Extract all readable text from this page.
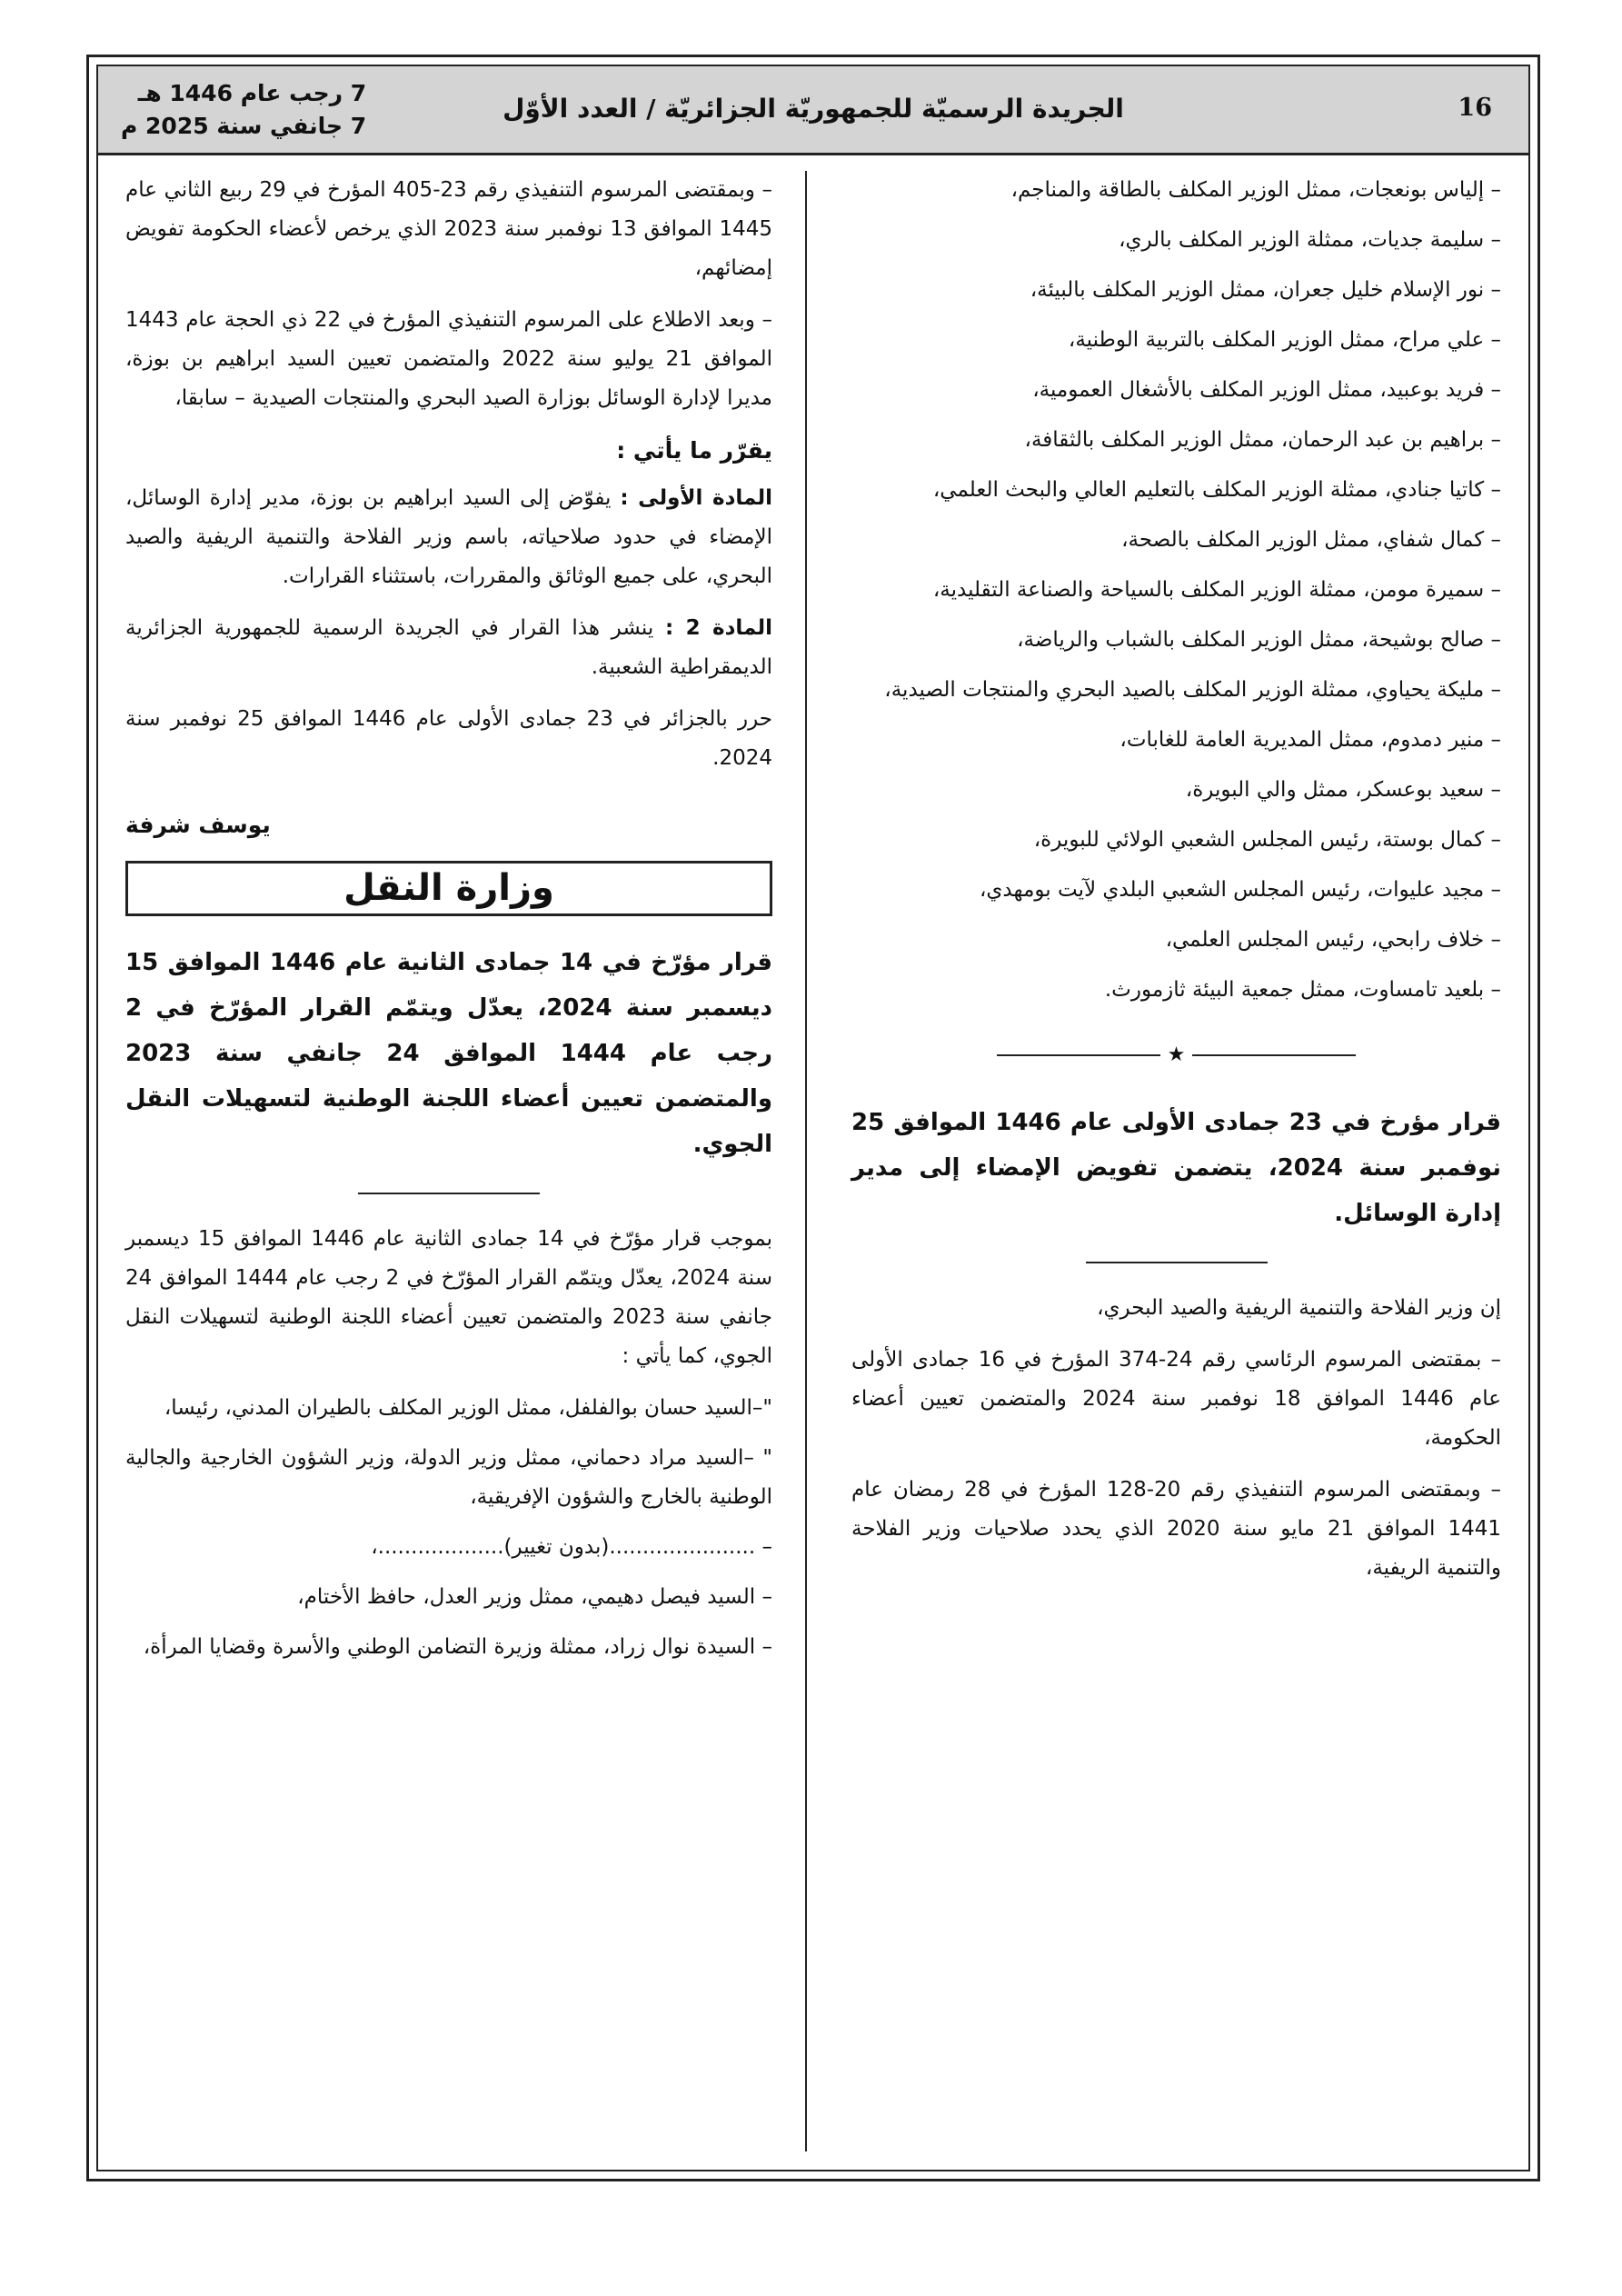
16
الجريدة الرسميّة للجمهوريّة الجزائريّة / العدد الأوّل
7 رجب عام 1446 هـ
7 جانفي سنة 2025 م

– إلياس بونعجات، ممثل الوزير المكلف بالطاقة والمناجم،

– سليمة جديات، ممثلة الوزير المكلف بالري،

– نور الإسلام خليل جعران، ممثل الوزير المكلف بالبيئة،

– علي مراح، ممثل الوزير المكلف بالتربية الوطنية،

– فريد بوعبيد، ممثل الوزير المكلف بالأشغال العمومية،

– براهيم بن عبد الرحمان، ممثل الوزير المكلف بالثقافة،

– كاتيا جنادي، ممثلة الوزير المكلف بالتعليم العالي والبحث العلمي،

– كمال شفاي، ممثل الوزير المكلف بالصحة،

– سميرة مومن، ممثلة الوزير المكلف بالسياحة والصناعة التقليدية،

– صالح بوشيحة، ممثل الوزير المكلف بالشباب والرياضة،

– مليكة يحياوي، ممثلة الوزير المكلف بالصيد البحري والمنتجات الصيدية،

– منير دمدوم، ممثل المديرية العامة للغابات،

– سعيد بوعسكر، ممثل والي البويرة،

– كمال بوستة، رئيس المجلس الشعبي الولائي للبويرة،

– مجيد عليوات، رئيس المجلس الشعبي البلدي لآيت بومهدي،

– خلاف رابحي، رئيس المجلس العلمي،

– بلعيد تامساوت، ممثل جمعية البيئة ثازمورث.

★
قرار مؤرخ في 23 جمادى الأولى عام 1446 الموافق 25 نوفمبر سنة 2024، يتضمن تفويض الإمضاء إلى مدير إدارة الوسائل.

إن وزير الفلاحة والتنمية الريفية والصيد البحري،

– بمقتضى المرسوم الرئاسي رقم 24-374 المؤرخ في 16 جمادى الأولى عام 1446 الموافق 18 نوفمبر سنة 2024 والمتضمن تعيين أعضاء الحكومة،

– وبمقتضى المرسوم التنفيذي رقم 20-128 المؤرخ في 28 رمضان عام 1441 الموافق 21 مايو سنة 2020 الذي يحدد صلاحيات وزير الفلاحة والتنمية الريفية،

– وبمقتضى المرسوم التنفيذي رقم 23-405 المؤرخ في 29 ربيع الثاني عام 1445 الموافق 13 نوفمبر سنة 2023 الذي يرخص لأعضاء الحكومة تفويض إمضائهم،

– وبعد الاطلاع على المرسوم التنفيذي المؤرخ في 22 ذي الحجة عام 1443 الموافق 21 يوليو سنة 2022 والمتضمن تعيين السيد ابراهيم بن بوزة، مديرا لإدارة الوسائل بوزارة الصيد البحري والمنتجات الصيدية – سابقا،

يقرّر ما يأتي :

المادة الأولى : يفوّض إلى السيد ابراهيم بن بوزة، مدير إدارة الوسائل، الإمضاء في حدود صلاحياته، باسم وزير الفلاحة والتنمية الريفية والصيد البحري، على جميع الوثائق والمقررات، باستثناء القرارات.

المادة 2 : ينشر هذا القرار في الجريدة الرسمية للجمهورية الجزائرية الديمقراطية الشعبية.

حرر بالجزائر في 23 جمادى الأولى عام 1446 الموافق 25 نوفمبر سنة 2024.

يوسف شرفة
وزارة النقل
قرار مؤرّخ في 14 جمادى الثانية عام 1446 الموافق 15 ديسمبر سنة 2024، يعدّل ويتمّم القرار المؤرّخ في 2 رجب عام 1444 الموافق 24 جانفي سنة 2023 والمتضمن تعيين أعضاء اللجنة الوطنية لتسهيلات النقل الجوي.

بموجب قرار مؤرّخ في 14 جمادى الثانية عام 1446 الموافق 15 ديسمبر سنة 2024، يعدّل ويتمّم القرار المؤرّخ في 2 رجب عام 1444 الموافق 24 جانفي سنة 2023 والمتضمن تعيين أعضاء اللجنة الوطنية لتسهيلات النقل الجوي، كما يأتي :

"–السيد حسان بوالفلفل، ممثل الوزير المكلف بالطيران المدني، رئيسا،

" –السيد مراد دحماني، ممثل وزير الدولة، وزير الشؤون الخارجية والجالية الوطنية بالخارج والشؤون الإفريقية،

– ......................(بدون تغيير)...................،

– السيد فيصل دهيمي، ممثل وزير العدل، حافظ الأختام،

– السيدة نوال زراد، ممثلة وزيرة التضامن الوطني والأسرة وقضايا المرأة،
